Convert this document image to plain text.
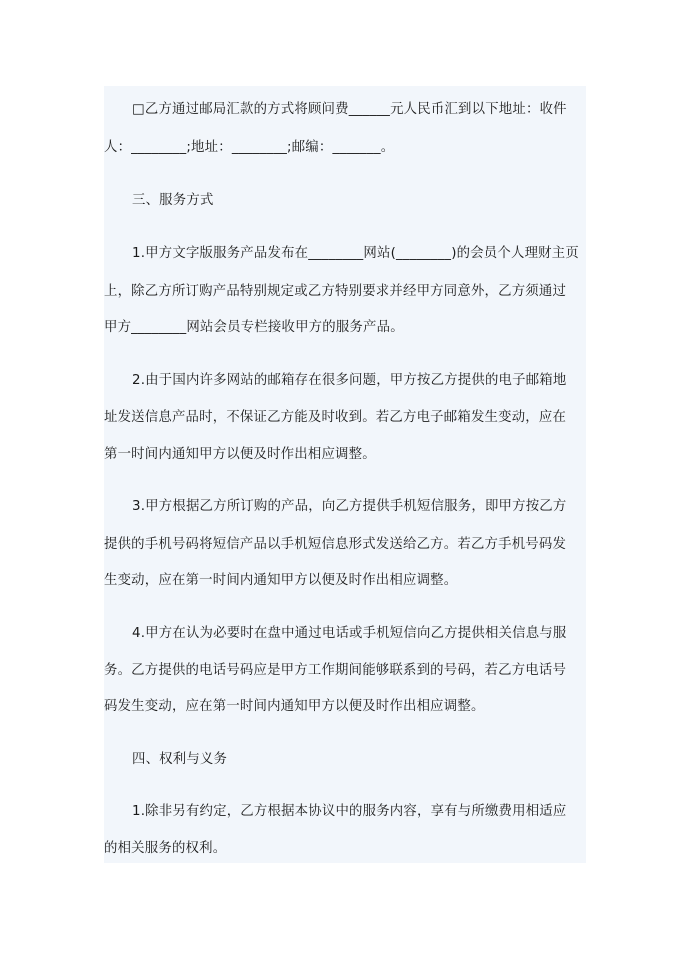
□乙方通过邮局汇款的方式将顾问费______元人民币汇到以下地址：收件
人：________;地址：________;邮编：_______。
三、服务方式
1.甲方文字版服务产品发布在________网站(________)的会员个人理财主页
上，除乙方所订购产品特别规定或乙方特别要求并经甲方同意外，乙方须通过
甲方________网站会员专栏接收甲方的服务产品。
2.由于国内许多网站的邮箱存在很多问题，甲方按乙方提供的电子邮箱地
址发送信息产品时，不保证乙方能及时收到。若乙方电子邮箱发生变动，应在
第一时间内通知甲方以便及时作出相应调整。
3.甲方根据乙方所订购的产品，向乙方提供手机短信服务，即甲方按乙方
提供的手机号码将短信产品以手机短信息形式发送给乙方。若乙方手机号码发
生变动，应在第一时间内通知甲方以便及时作出相应调整。
4.甲方在认为必要时在盘中通过电话或手机短信向乙方提供相关信息与服
务。乙方提供的电话号码应是甲方工作期间能够联系到的号码，若乙方电话号
码发生变动，应在第一时间内通知甲方以便及时作出相应调整。
四、权利与义务
1.除非另有约定，乙方根据本协议中的服务内容，享有与所缴费用相适应
的相关服务的权利。
